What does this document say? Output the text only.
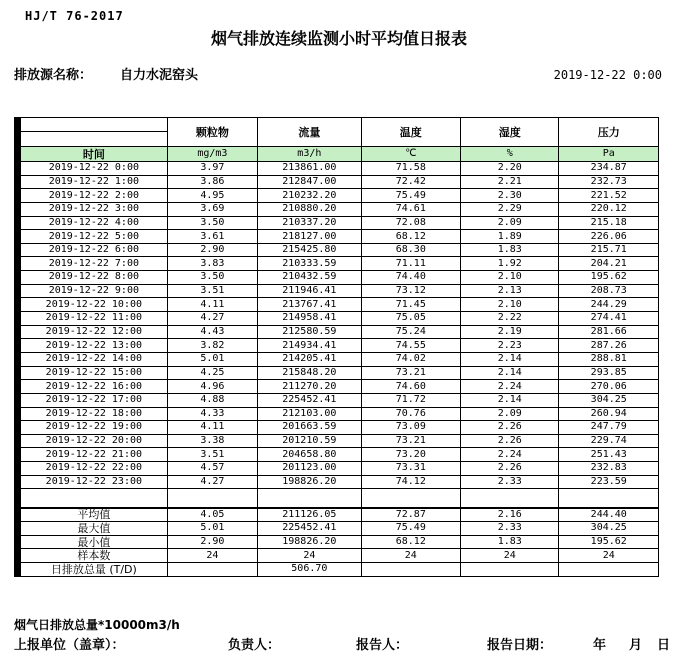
HJ/T 76-2017
烟气排放连续监测小时平均值日报表
排放源名称： 自力水泥窑头	2019-12-22 0:00
	颗粒物	流量	温度	湿度	压力

时间	mg/m3	m3/h	℃	%	Pa
2019-12-22 0:00	3.97	213861.00	71.58	2.20	234.87
2019-12-22 1:00	3.86	212847.00	72.42	2.21	232.73
2019-12-22 2:00	4.95	210232.20	75.49	2.30	221.52
2019-12-22 3:00	3.69	210880.20	74.61	2.29	220.12
2019-12-22 4:00	3.50	210337.20	72.08	2.09	215.18
2019-12-22 5:00	3.61	218127.00	68.12	1.89	226.06
2019-12-22 6:00	2.90	215425.80	68.30	1.83	215.71
2019-12-22 7:00	3.83	210333.59	71.11	1.92	204.21
2019-12-22 8:00	3.50	210432.59	74.40	2.10	195.62
2019-12-22 9:00	3.51	211946.41	73.12	2.13	208.73
2019-12-22 10:00	4.11	213767.41	71.45	2.10	244.29
2019-12-22 11:00	4.27	214958.41	75.05	2.22	274.41
2019-12-22 12:00	4.43	212580.59	75.24	2.19	281.66
2019-12-22 13:00	3.82	214934.41	74.55	2.23	287.26
2019-12-22 14:00	5.01	214205.41	74.02	2.14	288.81
2019-12-22 15:00	4.25	215848.20	73.21	2.14	293.85
2019-12-22 16:00	4.96	211270.20	74.60	2.24	270.06
2019-12-22 17:00	4.88	225452.41	71.72	2.14	304.25
2019-12-22 18:00	4.33	212103.00	70.76	2.09	260.94
2019-12-22 19:00	4.11	201663.59	73.09	2.26	247.79
2019-12-22 20:00	3.38	201210.59	73.21	2.26	229.74
2019-12-22 21:00	3.51	204658.80	73.20	2.24	251.43
2019-12-22 22:00	4.57	201123.00	73.31	2.26	232.83
2019-12-22 23:00	4.27	198826.20	74.12	2.33	223.59

平均值	4.05	211126.05	72.87	2.16	244.40
最大值	5.01	225452.41	75.49	2.33	304.25
最小值	2.90	198826.20	68.12	1.83	195.62
样本数	24	24	24	24	24
日排放总量 (T/D)		506.70			
烟气日排放总量*10000m3/h
上报单位（盖章）：	负责人：	报告人：	报告日期：	年 月 日
